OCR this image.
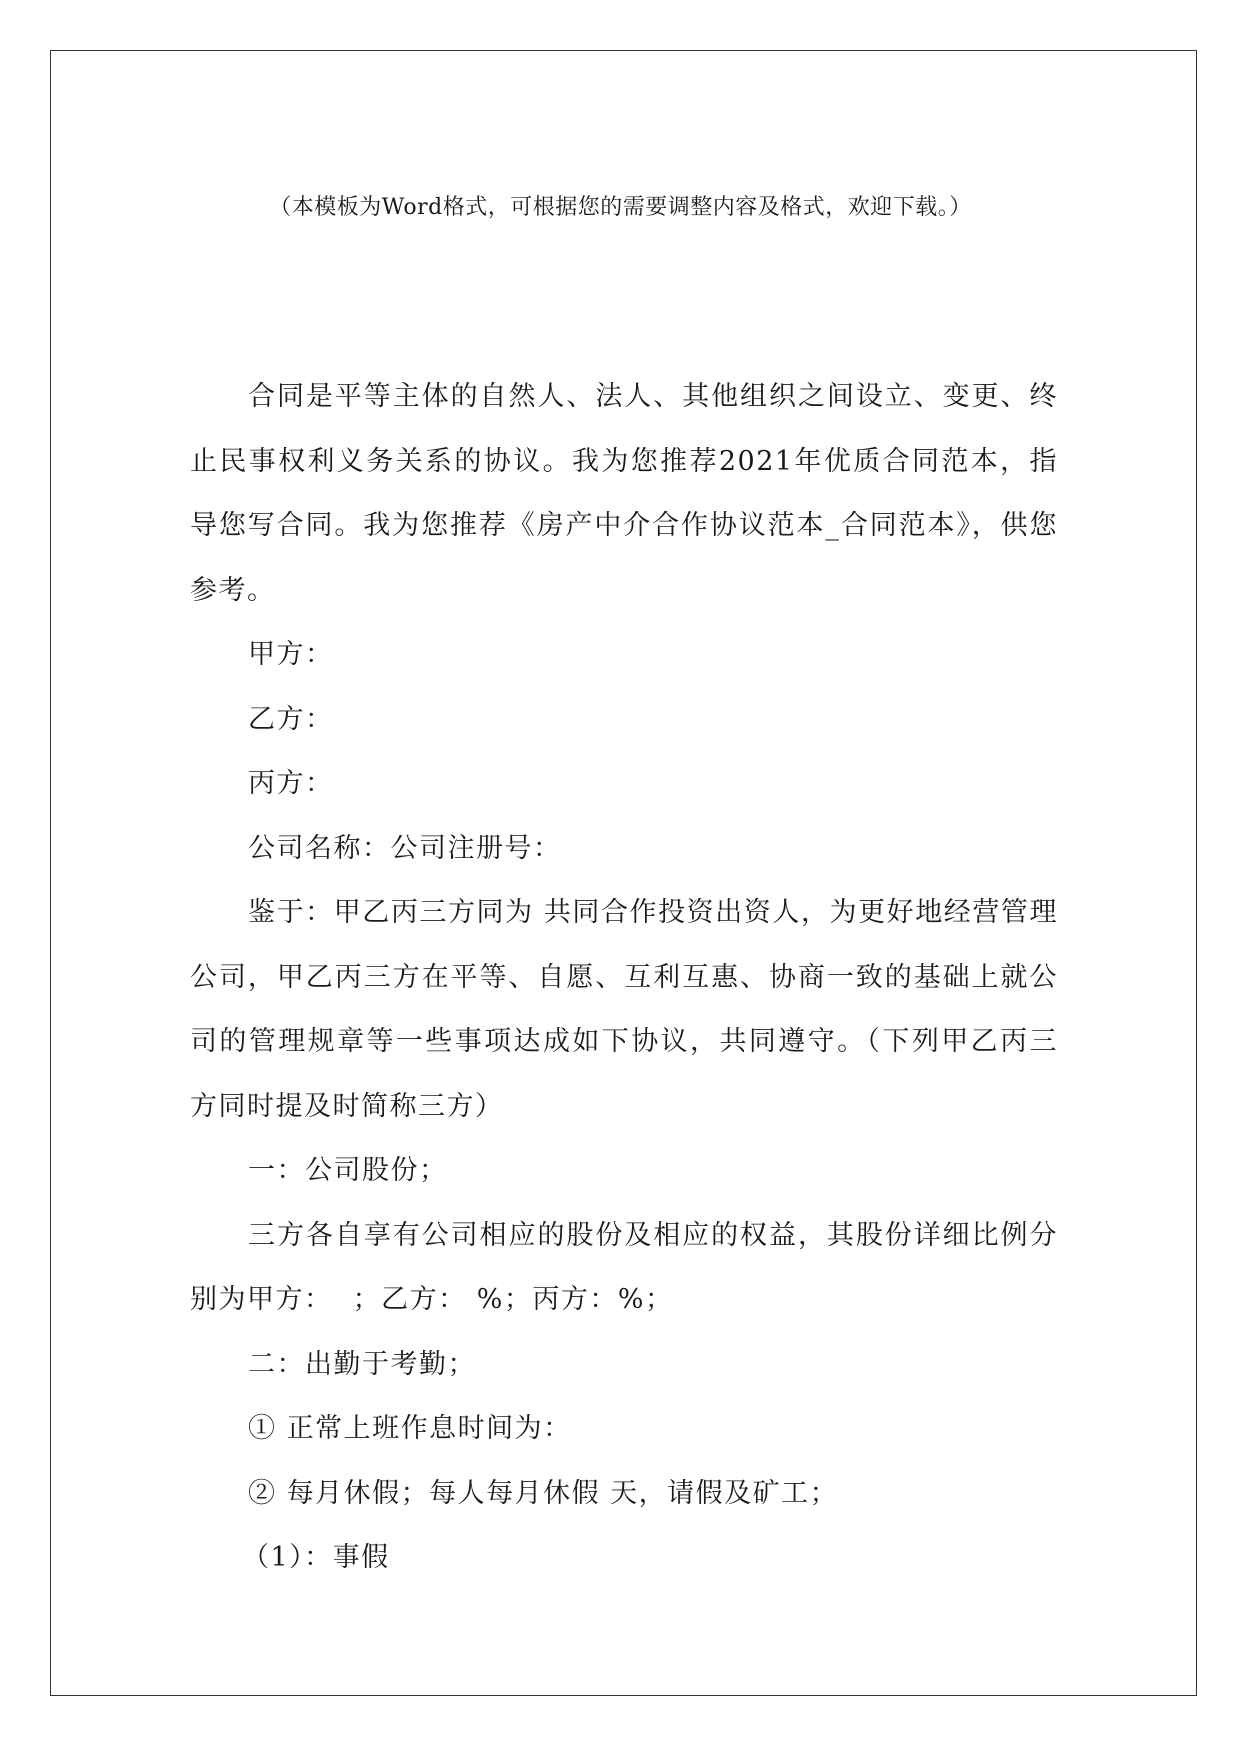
（本模板为Word格式，可根据您的需要调整内容及格式，欢迎下载。）

合同是平等主体的自然人、法人、其他组织之间设立、变更、终止民事权利义务关系的协议。我为您推荐2021年优质合同范本，指导您写合同。我为您推荐《房产中介合作协议范本_合同范本》，供您参考。

甲方：

乙方：

丙方：

公司名称：公司注册号：

鉴于：甲乙丙三方同为 共同合作投资出资人，为更好地经营管理公司，甲乙丙三方在平等、自愿、互利互惠、协商一致的基础上就公司的管理规章等一些事项达成如下协议，共同遵守。（下列甲乙丙三方同时提及时简称三方）

一：公司股份；

三方各自享有公司相应的股份及相应的权益，其股份详细比例分别为甲方：  ；乙方： %；丙方：%；

二：出勤于考勤；

① 正常上班作息时间为：

② 每月休假；每人每月休假 天，请假及矿工；

（1）：事假
